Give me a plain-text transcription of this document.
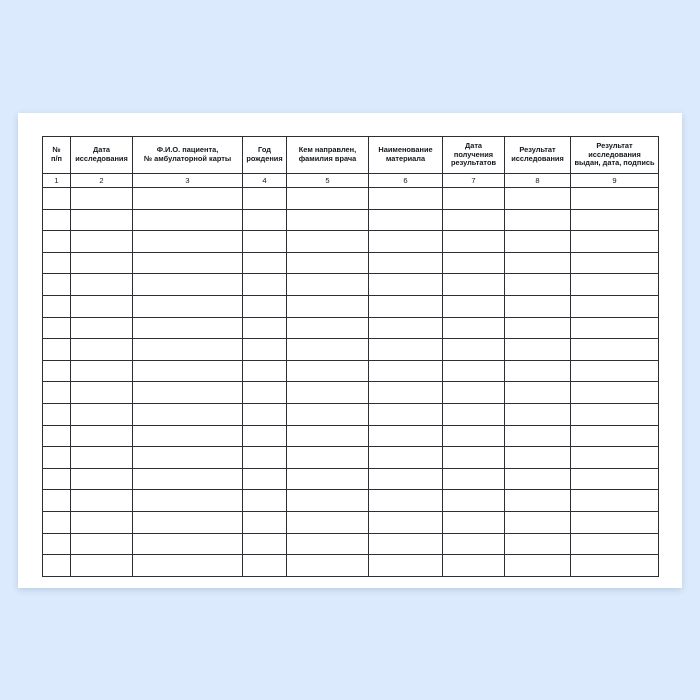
№
п/п	Дата
исследования	Ф.И.О. пациента,
№ амбулаторной карты	Год
рождения	Кем направлен,
фамилия врача	Наименование
материала	Дата
получения
результатов	Результат
исследования	Результат
исследования
выдан, дата, подпись

1	2	3	4	5	6	7	8	9
